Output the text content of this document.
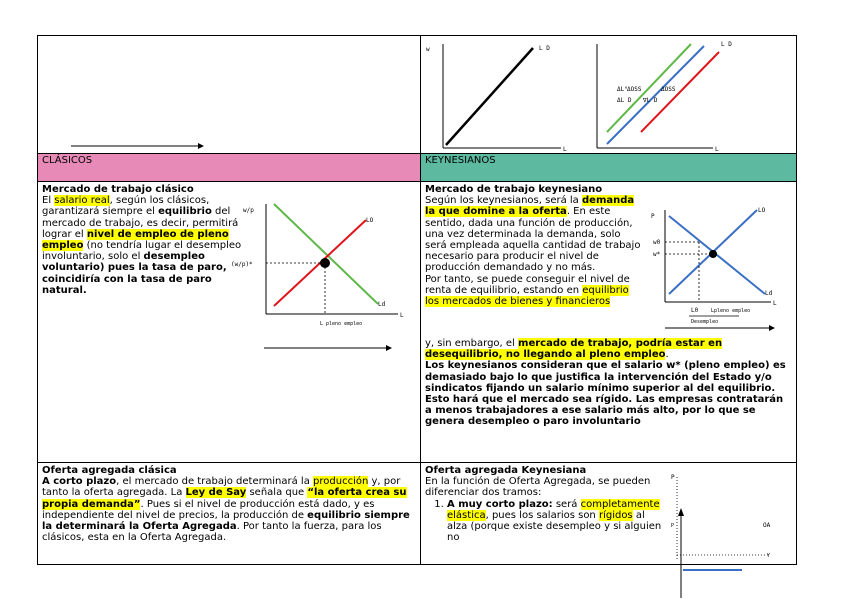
w
L
L D
L D
ΔL° ΔOSS	ΔOSS
ΔL D ∇L D
L
CLÁSICOS	KEYNESIANOS
Mercado de trabajo clásico
El salario real, según los clásicos, garantizará siempre el equilibrio del mercado de trabajo, es decir, permitirá lograr el nivel de empleo de pleno empleo (no tendría lugar el desempleo involuntario, solo el desempleo voluntario) pues la tasa de paro, coincidiría con la tasa de paro natural.
w/p
(w/p)*
LO
Ld
L
L pleno empleo
Mercado de trabajo keynesiano
Según los keynesianos, será la demanda la que domine a la oferta. En este sentido, dada una función de producción, una vez determinada la demanda, solo será empleada aquella cantidad de trabajo necesario para producir el nivel de producción demandado y no más.
Por tanto, se puede conseguir el nivel de renta de equilibrio, estando en equilibrio los mercados de bienes y financieros
y, sin embargo, el mercado de trabajo, podría estar en desequilibrio, no llegando al pleno empleo.
Los keynesianos consideran que el salario w* (pleno empleo) es demasiado bajo lo que justifica la intervención del Estado y/o sindicatos fijando un salario mínimo superior al del equilibrio. Esto hará que el mercado sea rígido. Las empresas contratarán a menos trabajadores a ese salario más alto, por lo que se genera desempleo o paro involuntario
P
w0
w*
LO
Ld
L
L0	Lpleno empleo
Desempleo
Oferta agregada clásica
A corto plazo, el mercado de trabajo determinará la producción y, por tanto la oferta agregada. La Ley de Say señala que “la oferta crea su propia demanda”. Pues si el nivel de producción está dado, y es independiente del nivel de precios, la producción de equilibrio siempre la determinará la Oferta Agregada. Por tanto la fuerza, para los clásicos, esta en la Oferta Agregada.
Oferta agregada Keynesiana
En la función de Oferta Agregada, se pueden diferenciar dos tramos:
1. A muy corto plazo: será completamente elástica, pues los salarios son rígidos al alza (porque existe desempleo y si alguien no
P
OA
P
Y
